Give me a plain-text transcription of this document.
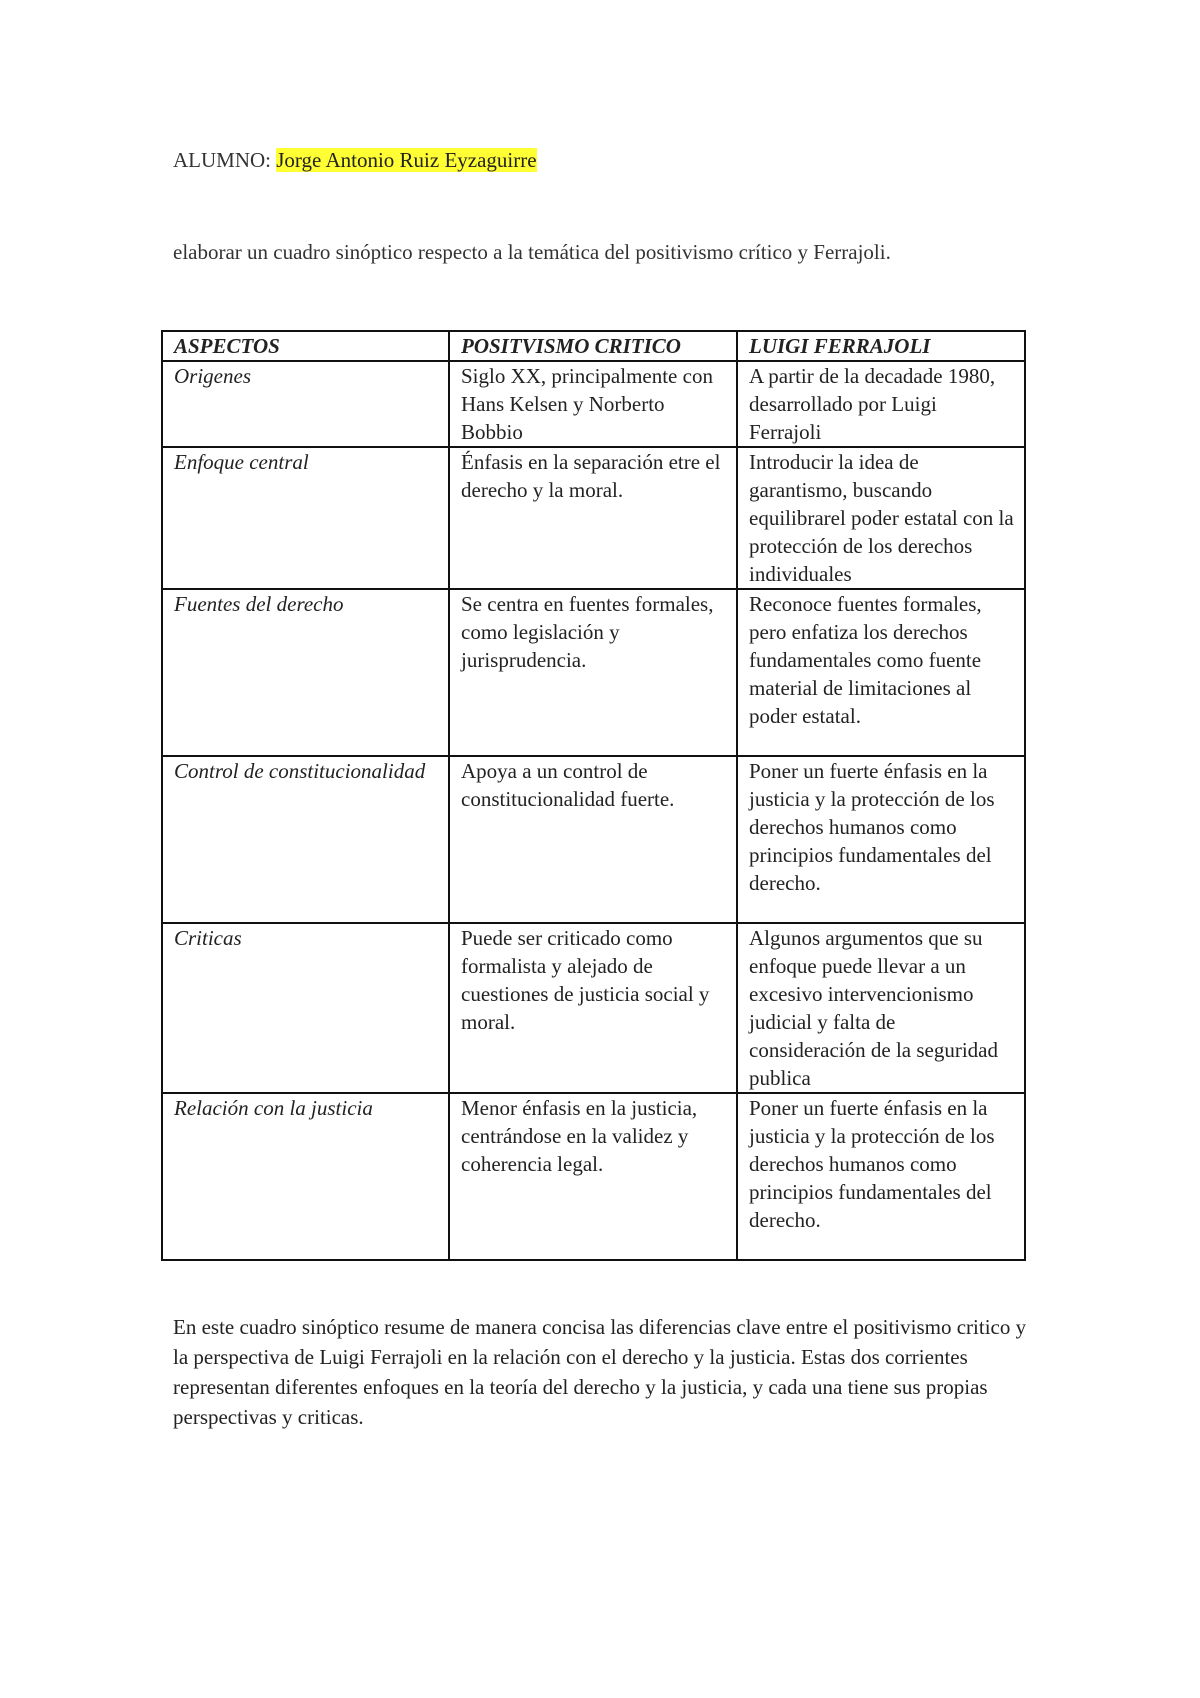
ALUMNO: Jorge Antonio Ruiz Eyzaguirre
elaborar un cuadro sinóptico respecto a la temática del positivismo crítico y Ferrajoli.
ASPECTOS	POSITVISMO CRITICO	LUIGI FERRAJOLI
Origenes	Siglo XX, principalmente con Hans Kelsen y Norberto Bobbio	A partir de la decadade 1980, desarrollado por Luigi Ferrajoli
Enfoque central	Énfasis en la separación etre el derecho y la moral.	Introducir la idea de garantismo, buscando equilibrarel poder estatal con la protección de los derechos individuales
Fuentes del derecho	Se centra en fuentes formales, como legislación y jurisprudencia.	Reconoce fuentes formales, pero enfatiza los derechos fundamentales como fuente material de limitaciones al poder estatal.
Control de constitucionalidad	Apoya a un control de constitucionalidad fuerte.	Poner un fuerte énfasis en la justicia y la protección de los derechos humanos como principios fundamentales del derecho.
Criticas	Puede ser criticado como formalista y alejado de cuestiones de justicia social y moral.	Algunos argumentos que su enfoque puede llevar a un excesivo intervencionismo judicial y falta de consideración de la seguridad publica
Relación con la justicia	Menor énfasis en la justicia, centrándose en la validez y coherencia legal.	Poner un fuerte énfasis en la justicia y la protección de los derechos humanos como principios fundamentales del derecho.
En este cuadro sinóptico resume de manera concisa las diferencias clave entre el positivismo critico y la perspectiva de Luigi Ferrajoli en la relación con el derecho y la justicia. Estas dos corrientes representan diferentes enfoques en la teoría del derecho y la justicia, y cada una tiene sus propias perspectivas y criticas.
